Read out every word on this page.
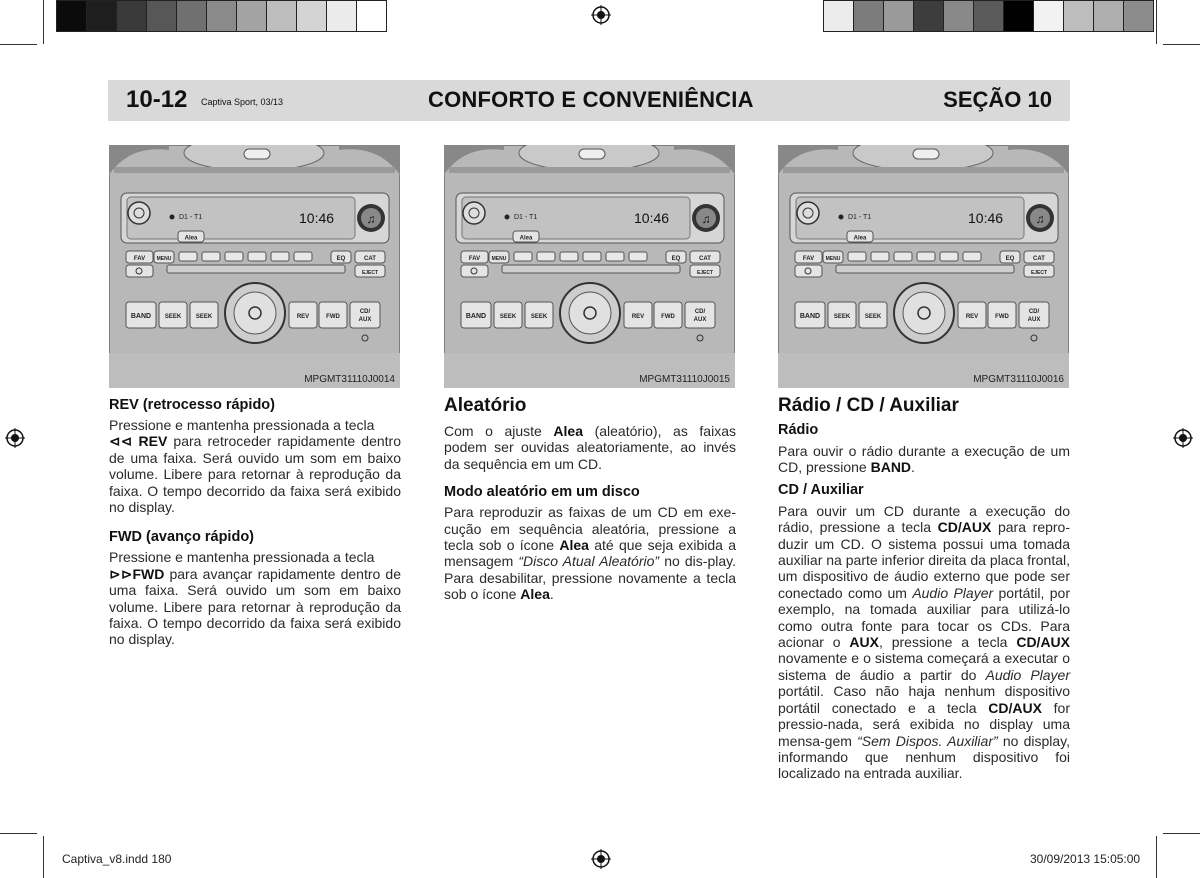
10-12 Captiva Sport, 03/13	CONFORTO E CONVENIÊNCIA	SEÇÃO 10
D1 - T1	10:46
Alea
♫
FAV MENU	EQ	CAT
EJECT
BAND SEEK SEEK	REV	FWD
CD/
AUX
MPGMT31110J0014
D1 - T1	10:46
Alea
♫
FAV MENU	EQ	CAT
EJECT
BAND SEEK SEEK	REV	FWD
CD/
AUX
MPGMT31110J0015
D1 - T1	10:46
Alea
♫
FAV MENU	EQ	CAT
EJECT
BAND SEEK SEEK	REV	FWD
CD/
AUX
MPGMT31110J0016
REV (retrocesso rápido)

Pressione e mantenha pressionada a tecla
⊲⊲ REV para retroceder rapidamente dentro de uma faixa. Será ouvido um som em baixo volume. Libere para retornar à reprodução da faixa. O tempo decorrido da faixa será exibido no display.

FWD (avanço rápido)

Pressione e mantenha pressionada a tecla
⊳⊳FWD para avançar rapidamente dentro de uma faixa. Será ouvido um som em baixo volume. Libere para retornar à reprodução da faixa. O tempo decorrido da faixa será exibido no display.

Aleatório

Com o ajuste Alea (aleatório), as faixas podem ser ouvidas aleatoriamente, ao invés da sequência em um CD.

Modo aleatório em um disco

Para reproduzir as faixas de um CD em exe-cução em sequência aleatória, pressione a tecla sob o ícone Alea até que seja exibida a mensagem “Disco Atual Aleatório” no dis-play. Para desabilitar, pressione novamente a tecla sob o ícone Alea.

Rádio / CD / Auxiliar
Rádio

Para ouvir o rádio durante a execução de um CD, pressione BAND.

CD / Auxiliar

Para ouvir um CD durante a execução do rádio, pressione a tecla CD/AUX para repro-duzir um CD. O sistema possui uma tomada auxiliar na parte inferior direita da placa frontal, um dispositivo de áudio externo que pode ser conectado como um Audio Player portátil, por exemplo, na tomada auxiliar para utilizá-lo como outra fonte para tocar os CDs. Para acionar o AUX, pressione a tecla CD/AUX novamente e o sistema começará a executar o sistema de áudio a partir do Audio Player portátil. Caso não haja nenhum dispositivo portátil conectado e a tecla CD/AUX for pressio-nada, será exibida no display uma mensa-gem “Sem Dispos. Auxiliar” no display, informando que nenhum dispositivo foi localizado na entrada auxiliar.

Captiva_v8.indd 180	30/09/2013 15:05:00
